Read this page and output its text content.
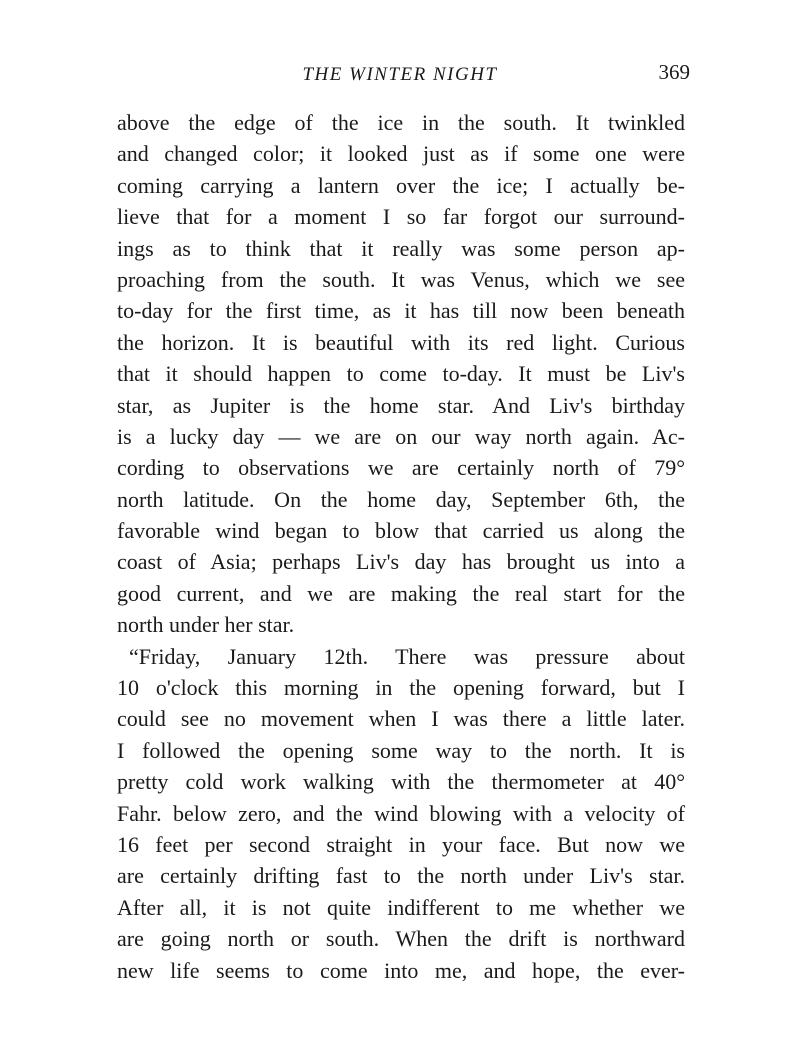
THE WINTER NIGHT	369
above the edge of the ice in the south. It twinkled
and changed color; it looked just as if some one were
coming carrying a lantern over the ice; I actually be-
lieve that for a moment I so far forgot our surround-
ings as to think that it really was some person ap-
proaching from the south. It was Venus, which we see
to-day for the first time, as it has till now been beneath
the horizon. It is beautiful with its red light. Curious
that it should happen to come to-day. It must be Liv's
star, as Jupiter is the home star. And Liv's birthday
is a lucky day — we are on our way north again. Ac-
cording to observations we are certainly north of 79°
north latitude. On the home day, September 6th, the
favorable wind began to blow that carried us along the
coast of Asia; perhaps Liv's day has brought us into a
good current, and we are making the real start for the
north under her star.
“Friday, January 12th. There was pressure about
10 o'clock this morning in the opening forward, but I
could see no movement when I was there a little later.
I followed the opening some way to the north. It is
pretty cold work walking with the thermometer at 40°
Fahr. below zero, and the wind blowing with a velocity of
16 feet per second straight in your face. But now we
are certainly drifting fast to the north under Liv's star.
After all, it is not quite indifferent to me whether we
are going north or south. When the drift is northward
new life seems to come into me, and hope, the ever-
